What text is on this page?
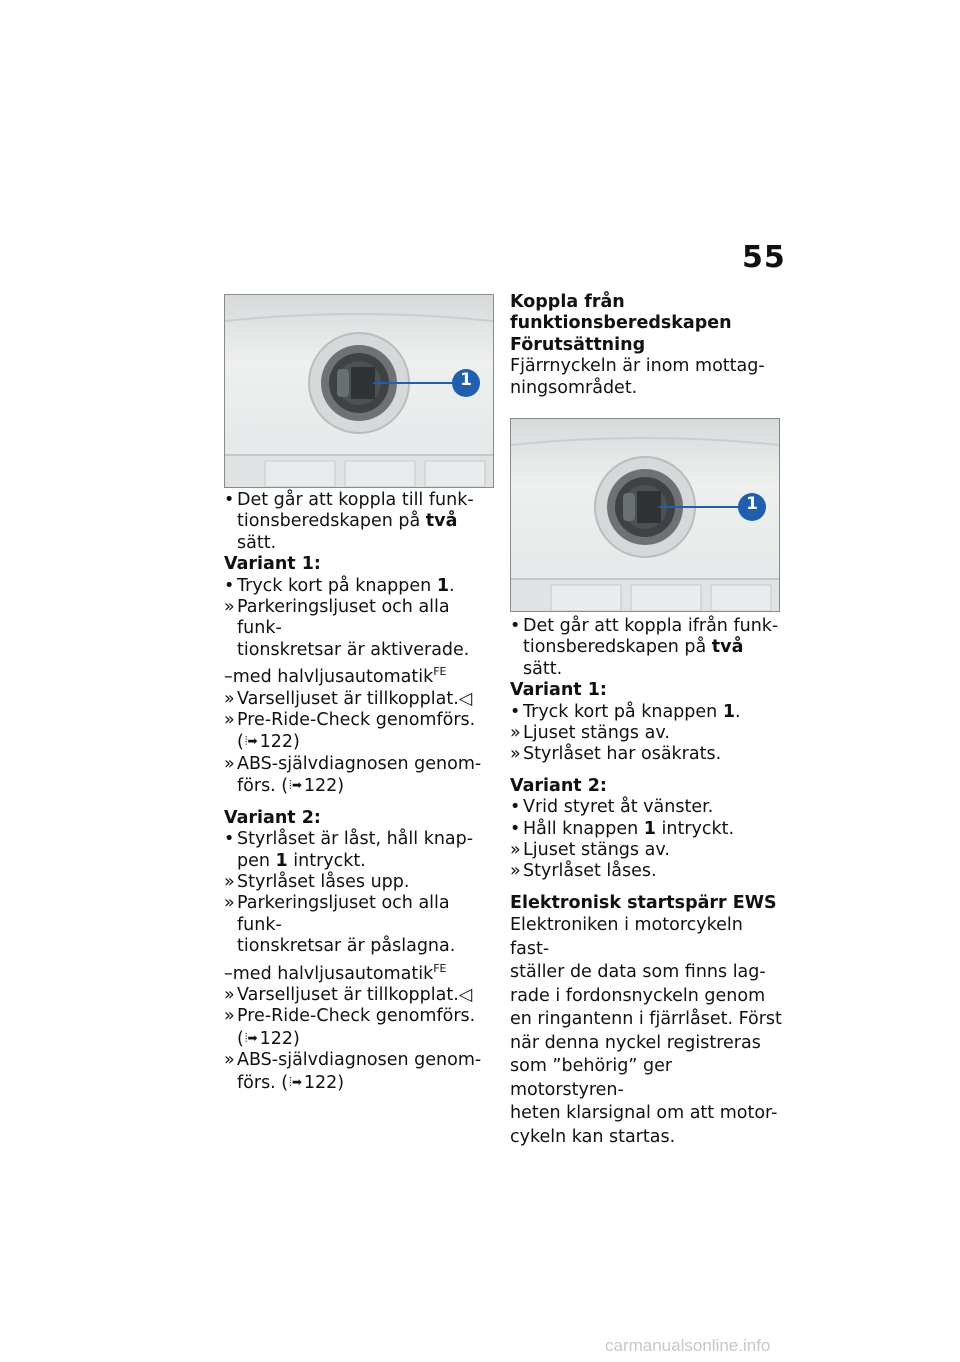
55
1
1
• Det går att koppla till funk-
tionsberedskapen på två sätt.
Variant 1:
• Tryck kort på knappen 1.
» Parkeringsljuset och alla funk-
tionskretsar är aktiverade.
–med halvljusautomatik$^{FE}$
» Varselljuset är tillkopplat.◁
» Pre-Ride-Check genomförs.
(⦙➡ 122)
» ABS-självdiagnosen genom-
förs. (⦙➡ 122)
Variant 2:
• Styrlåset är låst, håll knap-
pen 1 intryckt.
» Styrlåset låses upp.
» Parkeringsljuset och alla funk-
tionskretsar är påslagna.
–med halvljusautomatik$^{FE}$
» Varselljuset är tillkopplat.◁
» Pre-Ride-Check genomförs.
(⦙➡ 122)
» ABS-självdiagnosen genom-
förs. (⦙➡ 122)
Koppla från
funktionsberedskapen
Förutsättning
Fjärrnyckeln är inom mottag-
ningsområdet.
• Det går att koppla ifrån funk-
tionsberedskapen på två sätt.
Variant 1:
• Tryck kort på knappen 1.
» Ljuset stängs av.
» Styrlåset har osäkrats.
Variant 2:
• Vrid styret åt vänster.
• Håll knappen 1 intryckt.
» Ljuset stängs av.
» Styrlåset låses.
Elektronisk startspärr EWS
Elektroniken i motorcykeln fast-
ställer de data som finns lag-
rade i fordonsnyckeln genom
en ringantenn i fjärrlåset. Först
när denna nyckel registreras
som ”behörig” ger motorstyren-
heten klarsignal om att motor-
cykeln kan startas.
carmanualsonline.info
